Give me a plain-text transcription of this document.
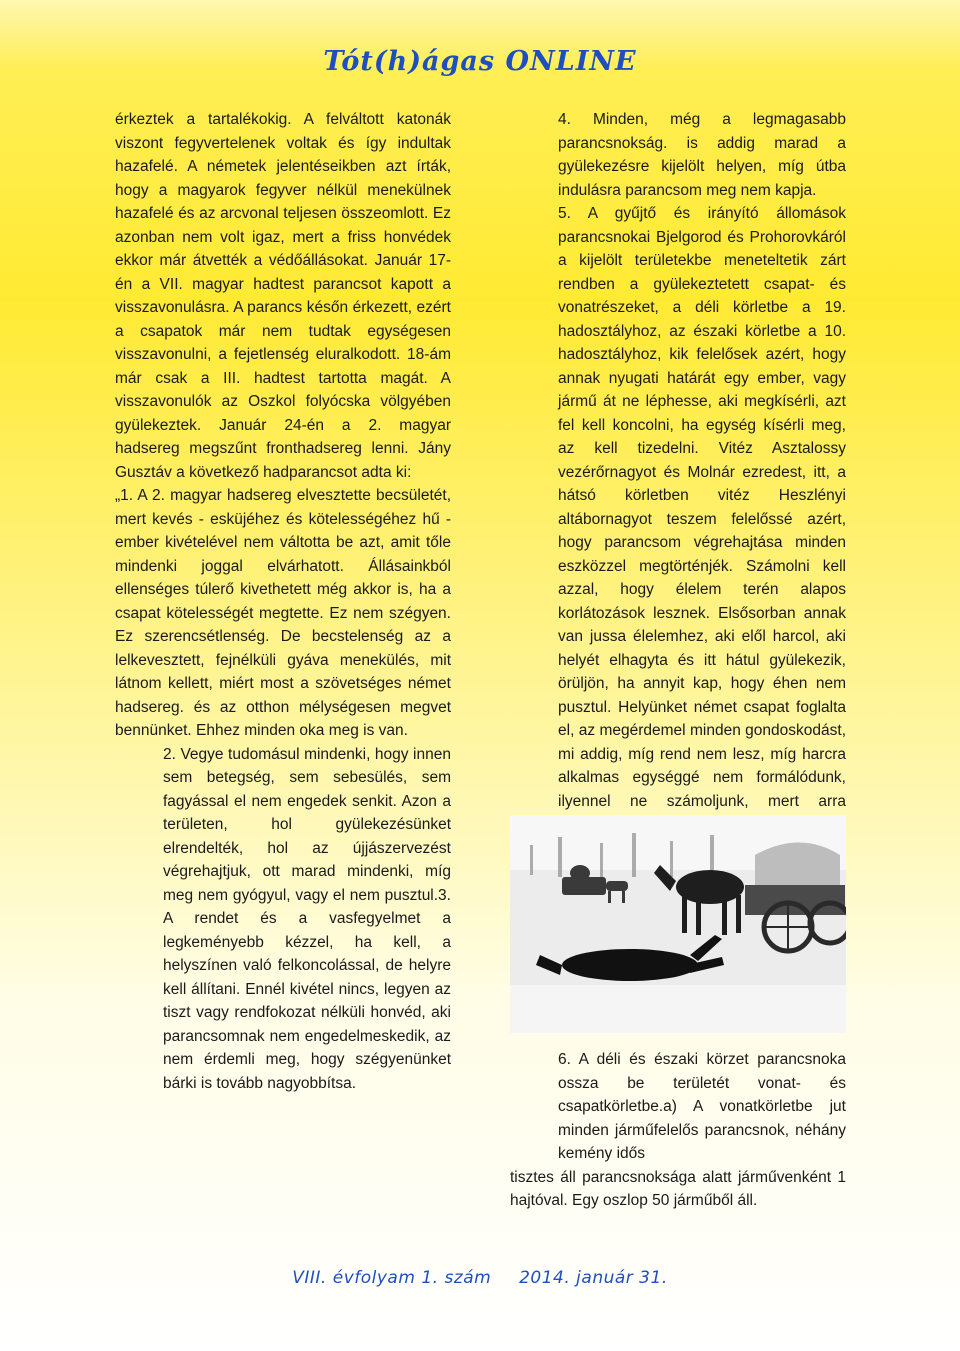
Tót(h)ágas ONLINE

érkeztek a tartalékokig. A felváltott katonák viszont fegyvertelenek voltak és így indultak hazafelé. A németek jelentéseikben azt írták, hogy a magyarok fegyver nélkül menekülnek hazafelé és az arcvonal teljesen összeomlott. Ez azonban nem volt igaz, mert a friss honvédek ekkor már átvették a védőállásokat. Január 17-én a VII. magyar hadtest parancsot kapott a visszavonulásra. A parancs későn érkezett, ezért a csapatok már nem tudtak egységesen visszavonulni, a fejetlenség eluralkodott. 18-ám már csak a III. hadtest tartotta magát. A visszavonulók az Oszkol folyócska völgyében gyülekeztek. Január 24-én a 2. magyar hadsereg megszűnt fronthadsereg lenni. Jány Gusztáv a következő hadparancsot adta ki:

„1. A 2. magyar hadsereg elvesztette becsületét, mert kevés - esküjéhez és kötelességéhez hű - ember kivételével nem váltotta be azt, amit tőle mindenki joggal elvárhatott. Állásainkból ellenséges túlerő kivethetett még akkor is, ha a csapat kötelességét megtette. Ez nem szégyen. Ez szerencsétlenség. De becstelenség az a lelkevesztett, fejnélküli gyáva menekülés, mit látnom kellett, miért most a szövetséges német hadsereg. és az otthon mélységesen megvet bennünket. Ehhez minden oka meg is van.

2. Vegye tudomásul mindenki, hogy innen sem betegség, sem sebesülés, sem fagyással el nem engedek senkit. Azon a területen, hol gyülekezésünket elrendelték, hol az újjászervezést végrehajtjuk, ott marad mindenki, míg meg nem gyógyul, vagy el nem pusztul.3. A rendet és a vasfegyelmet a legkeményebb kézzel, ha kell, a helyszínen való felkoncolással, de helyre kell állítani. Ennél kivétel nincs, legyen az tiszt vagy rendfokozat nélküli honvéd, aki parancsomnak nem engedelmeskedik, az nem érdemli meg, hogy szégyenünket bárki is tovább nagyobbítsa.

4. Minden, még a legmagasabb parancsnokság. is addig marad a gyülekezésre kijelölt helyen, míg útba indulásra parancsom meg nem kapja.

5. A gyűjtő és irányító állomások parancsnokai Bjelgorod és Prohorovkáról a kijelölt területekbe meneteltetik zárt rendben a gyülekeztetett csapat- és vonatrészeket, a déli körletbe a 19. hadosztályhoz, az északi körletbe a 10. hadosztályhoz, kik felelősek azért, hogy annak nyugati határát egy ember, vagy jármű át ne léphesse, aki megkísérli, azt fel kell koncolni, ha egység kísérli meg, az kell tizedelni. Vitéz Asztalossy vezérőrnagyot és Molnár ezredest, itt, a hátsó körletben vitéz Heszlényi altábornagyot teszem felelőssé azért, hogy parancsom végrehajtása minden eszközzel megtörténjék. Számolni kell azzal, hogy élelem terén alapos korlátozások lesznek. Elsősorban annak van jussa élelemhez, aki elől harcol, aki helyét elhagyta és itt hátul gyülekezik, örüljön, ha annyit kap, hogy éhen nem pusztul. Helyünket német csapat foglalta el, az megérdemel minden gondoskodást, mi addig, míg rend nem lesz, míg harcra alkalmas egységgé nem formálódunk, ilyennel ne számoljunk, mert arra

6. A déli és északi körzet parancsnoka ossza be területét vonat- és csapatkörletbe.a) A vonatkörletbe jut minden járműfelelős parancsnok, néhány kemény idős

tisztes áll parancsnoksága alatt járművenként 1 hajtóval. Egy oszlop 50 járműből áll.

VIII. évfolyam 1. szám 2014. január 31.
